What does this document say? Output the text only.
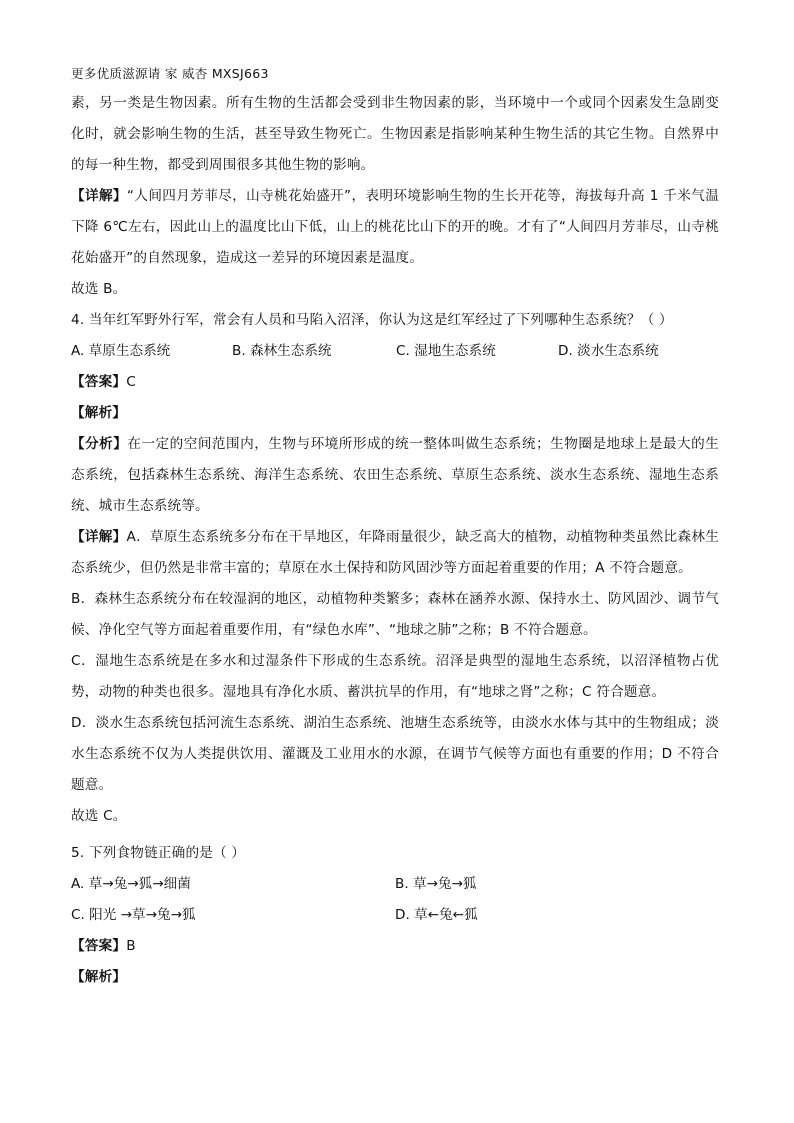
更多优质滋源请 家 威杏 MXSJ663

素，另一类是生物因素。所有生物的生活都会受到非生物因素的影，当环境中一个或同个因素发生急剧变化时，就会影响生物的生活，甚至导致生物死亡。生物因素是指影响某种生物生活的其它生物。自然界中的每一种生物，都受到周围很多其他生物的影响。

【详解】“人间四月芳菲尽，山寺桃花始盛开”，表明环境影响生物的生长开花等，海拔每升高 1 千米气温下降 6℃左右，因此山上的温度比山下低，山上的桃花比山下的开的晚。才有了“人间四月芳菲尽，山寺桃花始盛开”的自然现象，造成这一差异的环境因素是温度。

故选 B。

4. 当年红军野外行军，常会有人员和马陷入沼泽，你认为这是红军经过了下列哪种生态系统？（ ）

A. 草原生态系统	B. 森林生态系统	C. 湿地生态系统	D. 淡水生态系统

【答案】C

【解析】

【分析】在一定的空间范围内，生物与环境所形成的统一整体叫做生态系统；生物圈是地球上是最大的生态系统，包括森林生态系统、海洋生态系统、农田生态系统、草原生态系统、淡水生态系统、湿地生态系统、城市生态系统等。

【详解】A．草原生态系统多分布在干旱地区，年降雨量很少，缺乏高大的植物，动植物种类虽然比森林生态系统少，但仍然是非常丰富的；草原在水土保持和防风固沙等方面起着重要的作用；A 不符合题意。

B．森林生态系统分布在较湿润的地区，动植物种类繁多；森林在涵养水源、保持水土、防风固沙、调节气候、净化空气等方面起着重要作用，有“绿色水库”、“地球之肺”之称；B 不符合题意。

C．湿地生态系统是在多水和过湿条件下形成的生态系统。沼泽是典型的湿地生态系统，以沼泽植物占优势，动物的种类也很多。湿地具有净化水质、蓄洪抗旱的作用，有“地球之肾”之称；C 符合题意。

D．淡水生态系统包括河流生态系统、湖泊生态系统、池塘生态系统等，由淡水水体与其中的生物组成；淡水生态系统不仅为人类提供饮用、灌溉及工业用水的水源，在调节气候等方面也有重要的作用；D 不符合题意。

故选 C。

5. 下列食物链正确的是（ ）

A. 草→兔→狐→细菌	B. 草→兔→狐
C. 阳光 →草→兔→狐	D. 草←兔←狐

【答案】B

【解析】
